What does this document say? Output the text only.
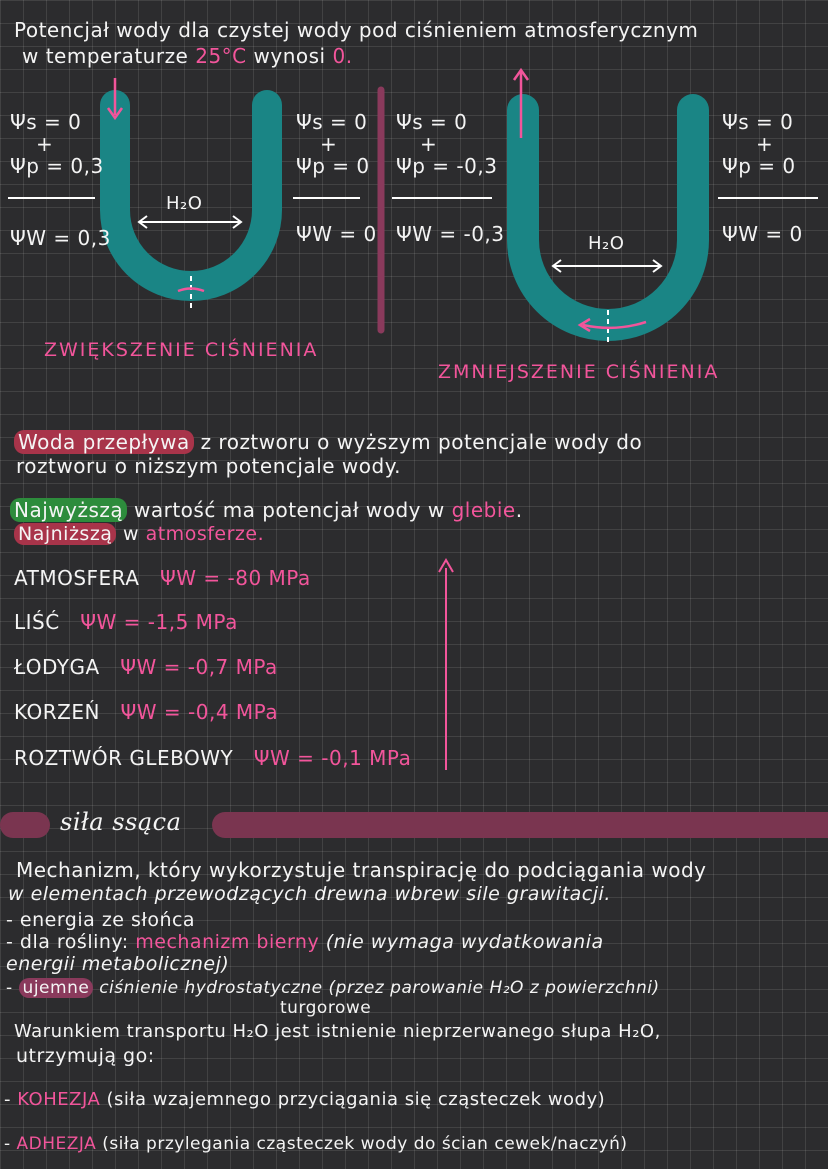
Potencjał wody dla czystej wody pod ciśnieniem atmosferycznym
w temperaturze 25°C wynosi 0.
Ψs = 0
+
Ψp = 0,3
ΨW = 0,3
H₂O
Ψs = 0
+
Ψp = 0
ΨW = 0
ZWIĘKSZENIE CIŚNIENIA
Ψs = 0
+
Ψp = -0,3
ΨW = -0,3	H₂O
Ψs = 0
+
Ψp = 0
ΨW = 0
ZMNIEJSZENIE CIŚNIENIA
Woda przepływa z roztworu o wyższym potencjale wody do
roztworu o niższym potencjale wody.
Najwyższą wartość ma potencjał wody w glebie.
Najniższą w atmosferze.
ATMOSFERA ΨW = -80 MPa
LIŚĆ ΨW = -1,5 MPa
ŁODYGA ΨW = -0,7 MPa
KORZEŃ ΨW = -0,4 MPa
ROZTWÓR GLEBOWY ΨW = -0,1 MPa
siła ssąca
Mechanizm, który wykorzystuje transpirację do podciągania wody
w elementach przewodzących drewna wbrew sile grawitacji.
- energia ze słońca
- dla rośliny: mechanizm bierny (nie wymaga wydatkowania
energii metabolicznej)
- ujemne ciśnienie hydrostatyczne (przez parowanie H₂O z powierzchni)
turgorowe
Warunkiem transportu H₂O jest istnienie nieprzerwanego słupa H₂O,
utrzymują go:
- KOHEZJA (siła wzajemnego przyciągania się cząsteczek wody)
- ADHEZJA (siła przylegania cząsteczek wody do ścian cewek/naczyń)
